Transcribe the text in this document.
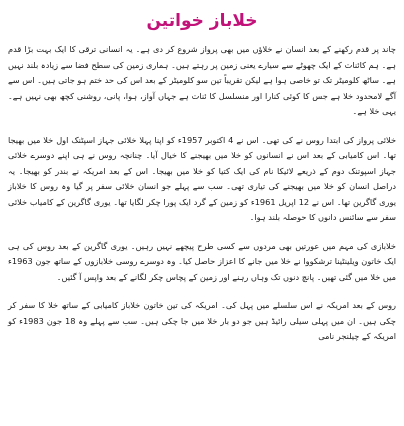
خلاباز خواتین

چاند پر قدم رکھنے کے بعد انسان نے خلاؤں میں بھی پرواز شروع کر دی ہے۔ یہ انسانی ترقی کا ایک بہت بڑا قدم ہے۔ ہم کائنات کے ایک چھوٹے سے سیارے یعنی زمین پر رہتے ہیں۔ ہماری زمین کی سطح فضا سے زیادہ بلند نہیں ہے۔ ساٹھ کلومیٹر تک تو خاصی ہوا ہے لیکن تقریباً تین سو کلومیٹر کے بعد اس کی حد ختم ہو جاتی ہیں۔ اس سے آگے لامحدود خلا ہے جس کا کوئی کنارا اور منسلسل کا ئنات ہے جہاں آواز، ہوا، پانی، روشنی کچھ بھی نہیں ہے۔ یہی خلا ہے۔

خلائی پرواز کی ابتدا روس نے کی تھی۔ اس نے 4 اکتوبر 1957ء کو اپنا پہلا خلائی جہاز اسپٹنک اول خلا میں بھیجا تھا۔ اس کامیابی کے بعد اس نے انسانوں کو خلا میں بھیجنے کا خیال آیا۔ چنانچہ روس نے ہی اپنے دوسرے خلائی جہاز اسپوتنک دوم کے ذریعے لائیکا نام کی ایک کتیا کو خلا میں بھیجا۔ اس کے بعد امریکہ نے بندر کو بھیجا۔ یہ دراصل انسان کو خلا میں بھیجنے کی تیاری تھی۔ سب سے پہلے جو انسان خلائی سفر پر گیا وہ روس کا خلاباز یوری گاگرین تھا۔ اس نے 12 اپریل 1961ء کو زمین کے گرد ایک پورا چکر لگایا تھا۔ یوری گاگرین کے کامیاب خلائی سفر سے سائنس دانوں کا حوصلہ بلند ہوا۔

خلابازی کی مہم میں عورتیں بھی مردوں سے کسی طرح پیچھے نہیں رہیں۔ یوری گاگرین کے بعد روس کی ہی ایک خاتون ویلینٹینا ترشکووا نے خلا میں جانے کا اعزاز حاصل کیا۔ وہ دوسرے روسی خلابازوں کے ساتھ جون 1963ء میں خلا میں گئی تھیں۔ پانچ دنوں تک وہاں رہنے اور زمین کے پچاس چکر لگانے کے بعد واپس آ گئیں۔

روس کے بعد امریکہ نے اس سلسلے میں پہل کی۔ امریکہ کی تین خاتون خلاباز کامیابی کے ساتھ خلا کا سفر کر چکی ہیں۔ ان میں پہلی سیلی رائیڈ ہیں جو دو بار خلا میں جا چکی ہیں۔ سب سے پہلے وہ 18 جون 1983ء کو امریکہ کے چیلنجر نامی
